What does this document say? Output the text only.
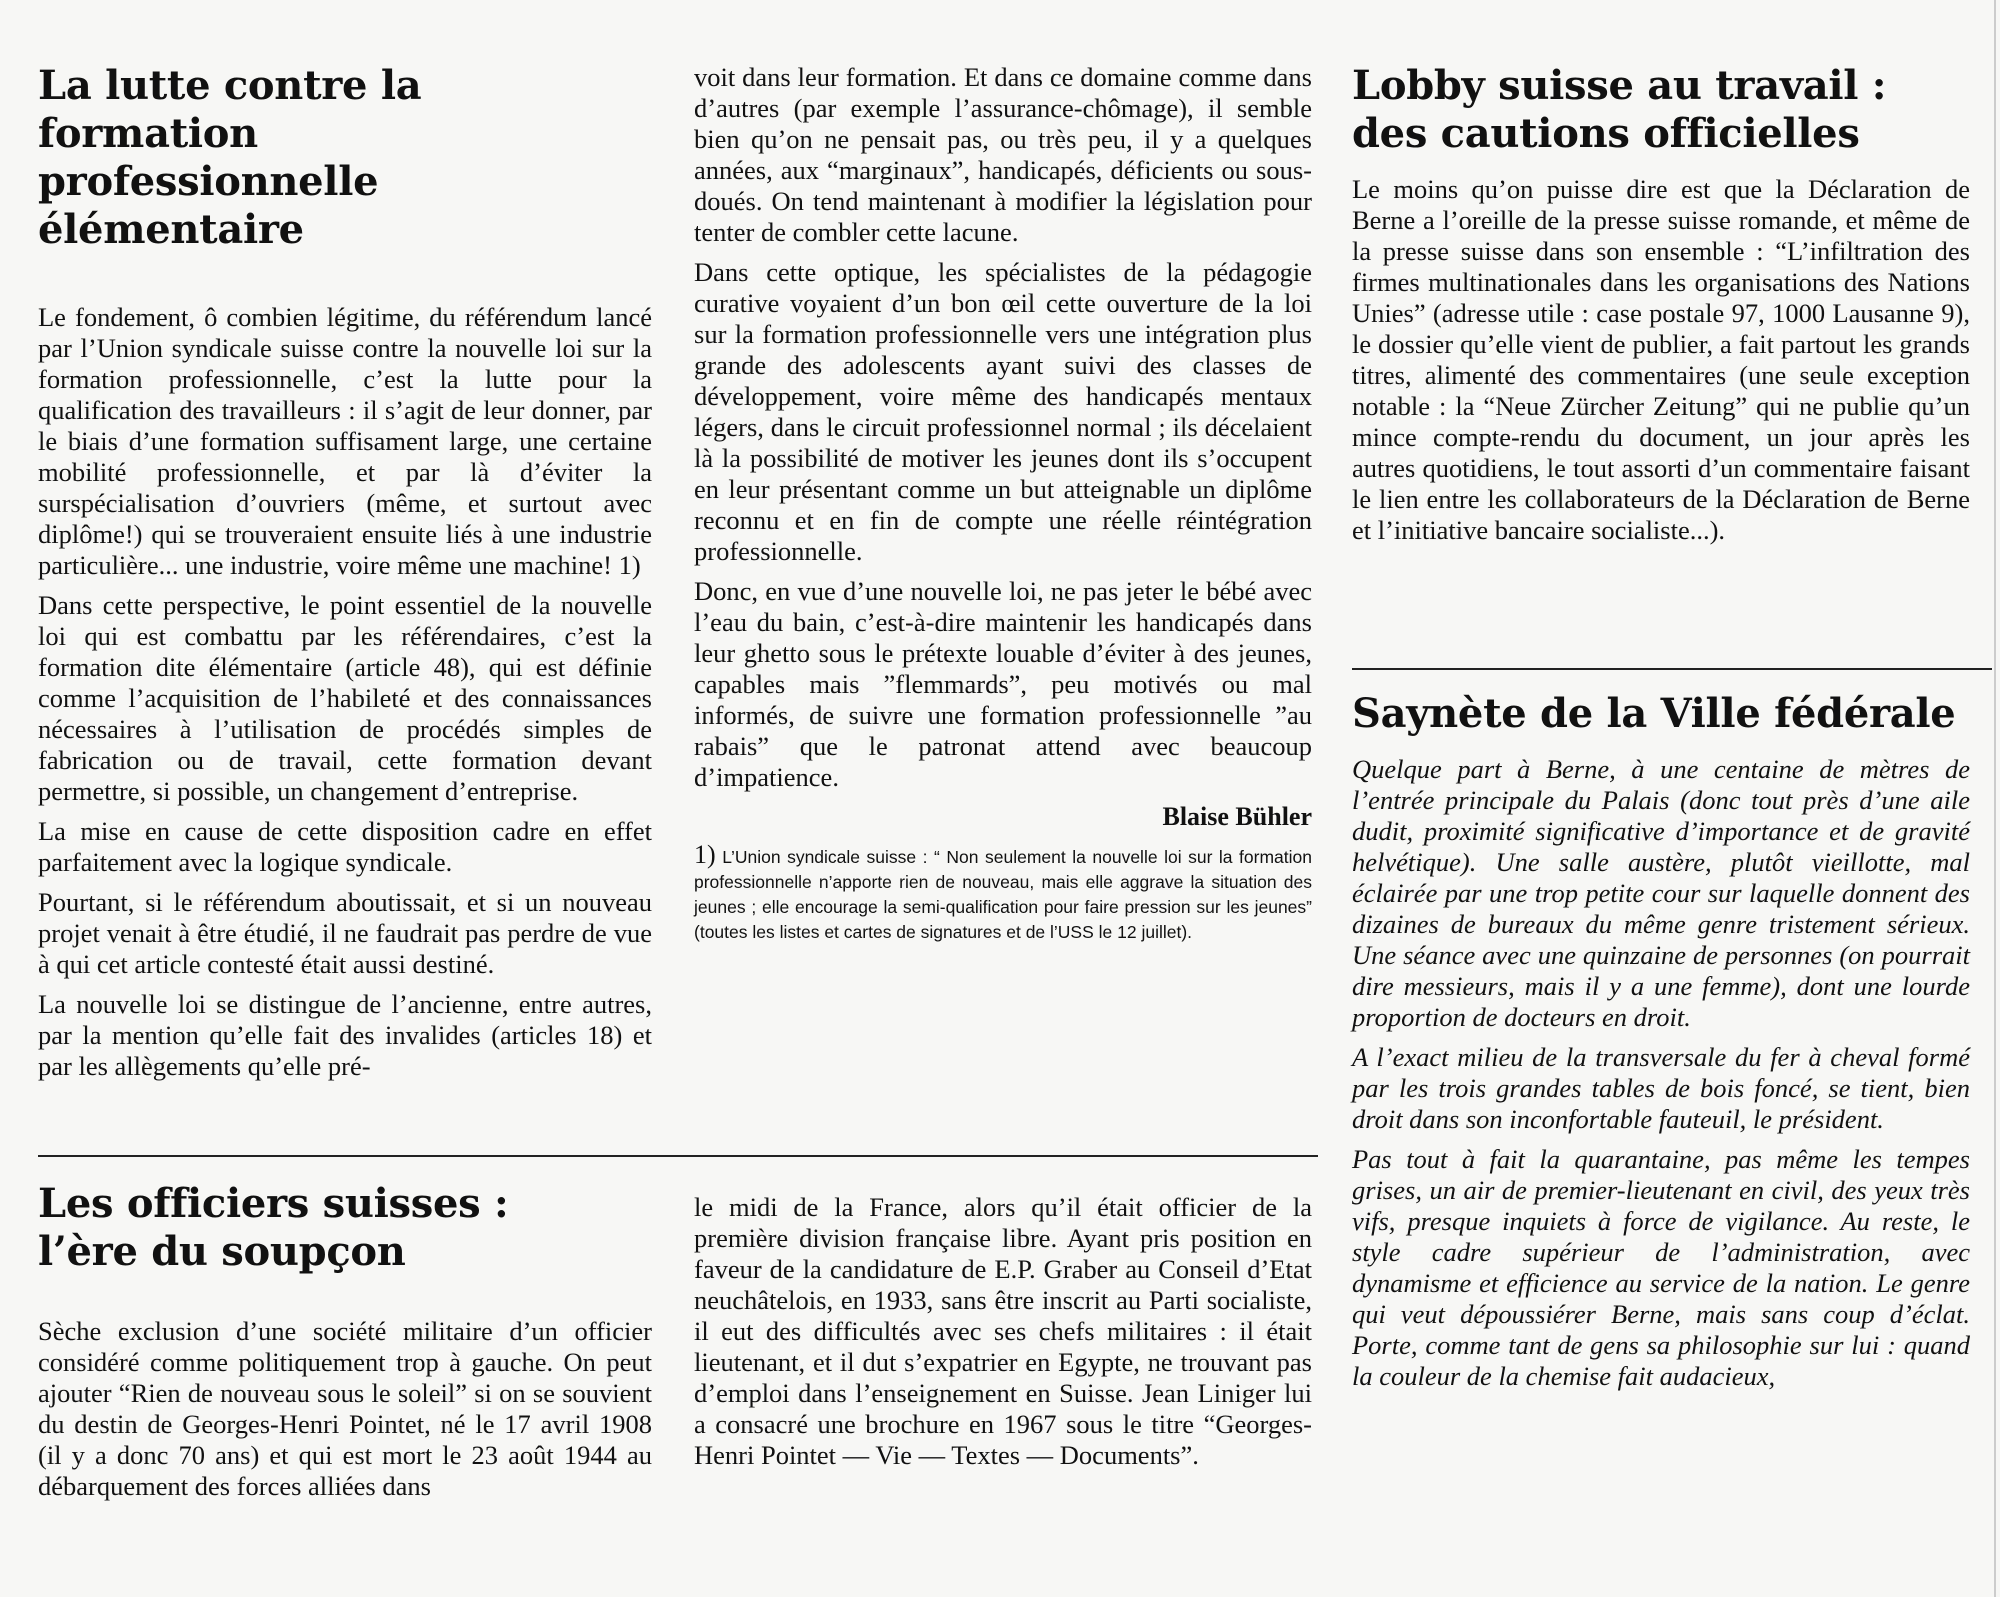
La lutte contre la formation
professionnelle élémentaire

Le fondement, ô combien légitime, du référendum lancé par l’Union syndicale suisse contre la nouvelle loi sur la formation professionnelle, c’est la lutte pour la qualification des travailleurs : il s’agit de leur donner, par le biais d’une formation suffisament large, une certaine mobilité professionnelle, et par là d’éviter la surspécialisation d’ouvriers (même, et surtout avec diplôme!) qui se trouveraient ensuite liés à une industrie particulière... une industrie, voire même une machine! 1)

Dans cette perspective, le point essentiel de la nouvelle loi qui est combattu par les référendaires, c’est la formation dite élémentaire (article 48), qui est définie comme l’acquisition de l’habileté et des connaissances nécessaires à l’utilisation de procédés simples de fabrication ou de travail, cette formation devant permettre, si possible, un changement d’entreprise.

La mise en cause de cette disposition cadre en effet parfaitement avec la logique syndicale.

Pourtant, si le référendum aboutissait, et si un nouveau projet venait à être étudié, il ne faudrait pas perdre de vue à qui cet article contesté était aussi destiné.

La nouvelle loi se distingue de l’ancienne, entre autres, par la mention qu’elle fait des invalides (articles 18) et par les allègements qu’elle pré-

voit dans leur formation. Et dans ce domaine comme dans d’autres (par exemple l’assurance-chômage), il semble bien qu’on ne pensait pas, ou très peu, il y a quelques années, aux “marginaux”, handicapés, déficients ou sous-doués. On tend maintenant à modifier la législation pour tenter de combler cette lacune.

Dans cette optique, les spécialistes de la pédagogie curative voyaient d’un bon œil cette ouverture de la loi sur la formation professionnelle vers une intégration plus grande des adolescents ayant suivi des classes de développement, voire même des handicapés mentaux légers, dans le circuit professionnel normal ; ils décelaient là la possibilité de motiver les jeunes dont ils s’occupent en leur présentant comme un but atteignable un diplôme reconnu et en fin de compte une réelle réintégration professionnelle.

Donc, en vue d’une nouvelle loi, ne pas jeter le bébé avec l’eau du bain, c’est-à-dire maintenir les handicapés dans leur ghetto sous le prétexte louable d’éviter à des jeunes, capables mais ”flemmards”, peu motivés ou mal informés, de suivre une formation professionnelle ”au rabais” que le patronat attend avec beaucoup d’impatience.

Blaise Bühler
1) L’Union syndicale suisse : “ Non seulement la nouvelle loi sur la formation professionnelle n’apporte rien de nouveau, mais elle aggrave la situation des jeunes ; elle encourage la semi-qualification pour faire pression sur les jeunes” (toutes les listes et cartes de signatures et de l’USS le 12 juillet).
Les officiers suisses :
l’ère du soupçon

Sèche exclusion d’une société militaire d’un officier considéré comme politiquement trop à gauche. On peut ajouter “Rien de nouveau sous le soleil” si on se souvient du destin de Georges-Henri Pointet, né le 17 avril 1908 (il y a donc 70 ans) et qui est mort le 23 août 1944 au débarquement des forces alliées dans

le midi de la France, alors qu’il était officier de la première division française libre. Ayant pris position en faveur de la candidature de E.P. Graber au Conseil d’Etat neuchâtelois, en 1933, sans être inscrit au Parti socialiste, il eut des difficultés avec ses chefs militaires : il était lieutenant, et il dut s’expatrier en Egypte, ne trouvant pas d’emploi dans l’enseignement en Suisse. Jean Liniger lui a consacré une brochure en 1967 sous le titre “Georges-Henri Pointet — Vie — Textes — Documents”.

Lobby suisse au travail :
des cautions officielles

Le moins qu’on puisse dire est que la Déclaration de Berne a l’oreille de la presse suisse romande, et même de la presse suisse dans son ensemble : “L’infiltration des firmes multinationales dans les organisations des Nations Unies” (adresse utile : case postale 97, 1000 Lausanne 9), le dossier qu’elle vient de publier, a fait partout les grands titres, alimenté des commentaires (une seule exception notable : la “Neue Zürcher Zeitung” qui ne publie qu’un mince compte-rendu du document, un jour après les autres quotidiens, le tout assorti d’un commentaire faisant le lien entre les collaborateurs de la Déclaration de Berne et l’initiative bancaire socialiste...).

Saynète de la Ville fédérale

Quelque part à Berne, à une centaine de mètres de l’entrée principale du Palais (donc tout près d’une aile dudit, proximité significative d’importance et de gravité helvétique). Une salle austère, plutôt vieillotte, mal éclairée par une trop petite cour sur laquelle donnent des dizaines de bureaux du même genre tristement sérieux. Une séance avec une quinzaine de personnes (on pourrait dire messieurs, mais il y a une femme), dont une lourde proportion de docteurs en droit.

A l’exact milieu de la transversale du fer à cheval formé par les trois grandes tables de bois foncé, se tient, bien droit dans son inconfortable fauteuil, le président.

Pas tout à fait la quarantaine, pas même les tempes grises, un air de premier-lieutenant en civil, des yeux très vifs, presque inquiets à force de vigilance. Au reste, le style cadre supérieur de l’administration, avec dynamisme et efficience au service de la nation. Le genre qui veut dépoussiérer Berne, mais sans coup d’éclat. Porte, comme tant de gens sa philosophie sur lui : quand la couleur de la chemise fait audacieux,
